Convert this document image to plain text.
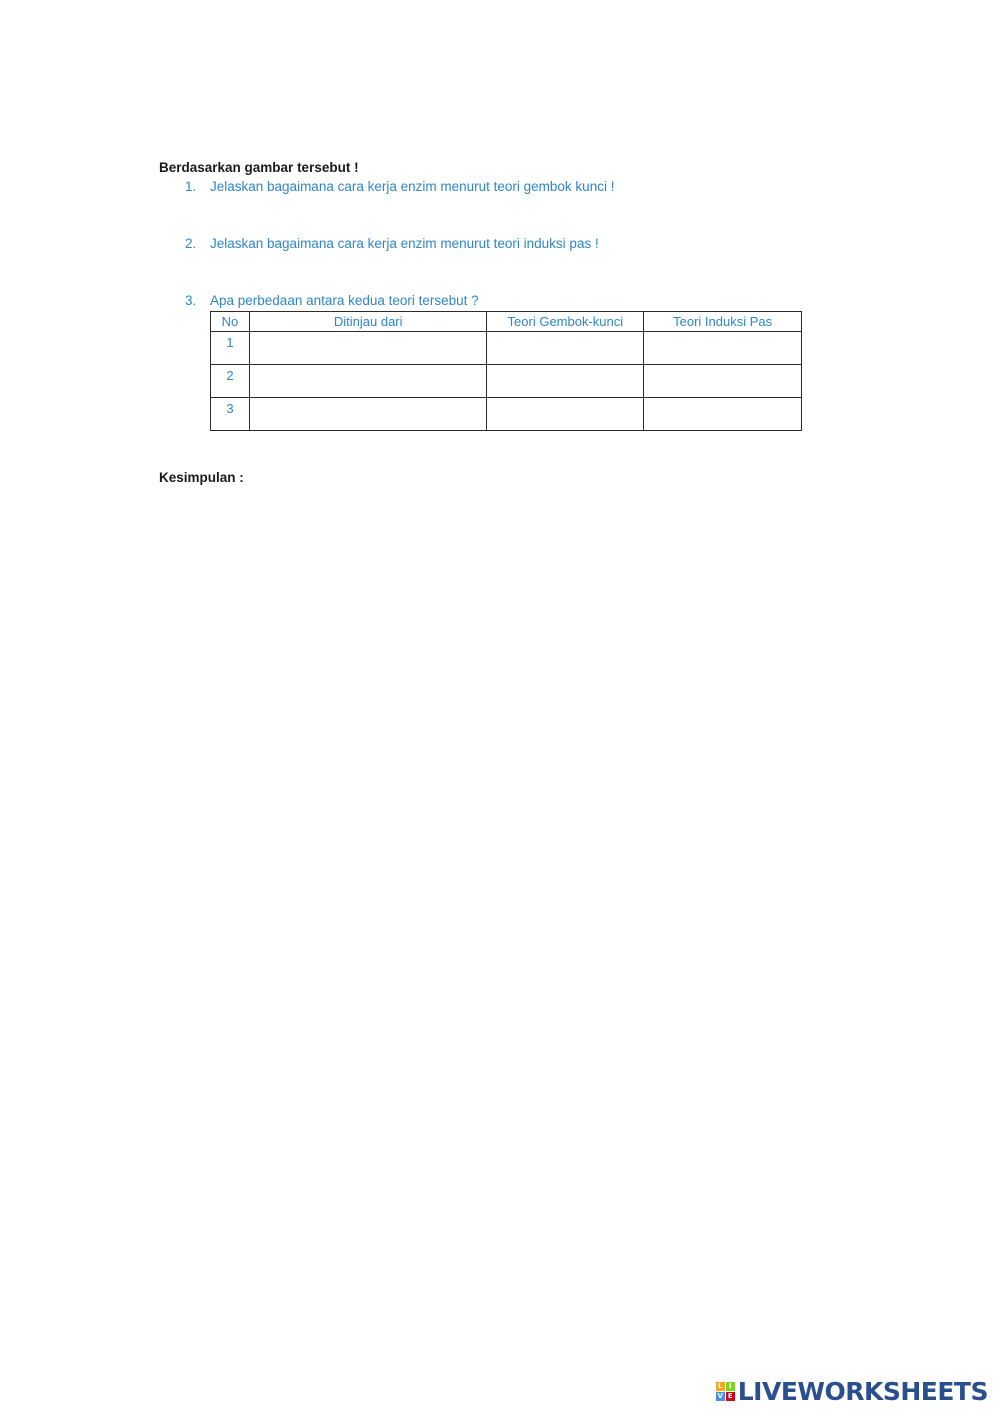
Berdasarkan gambar tersebut !

1. Jelaskan bagaimana cara kerja enzim menurut teori gembok kunci !
2. Jelaskan bagaimana cara kerja enzim menurut teori induksi pas !
3. Apa perbedaan antara kedua teori tersebut ?
No	Ditinjau dari	Teori Gembok-kunci	Teori Induksi Pas
1			
2			
3			

Kesimpulan :

L I
V E LIVEWORKSHEETS
